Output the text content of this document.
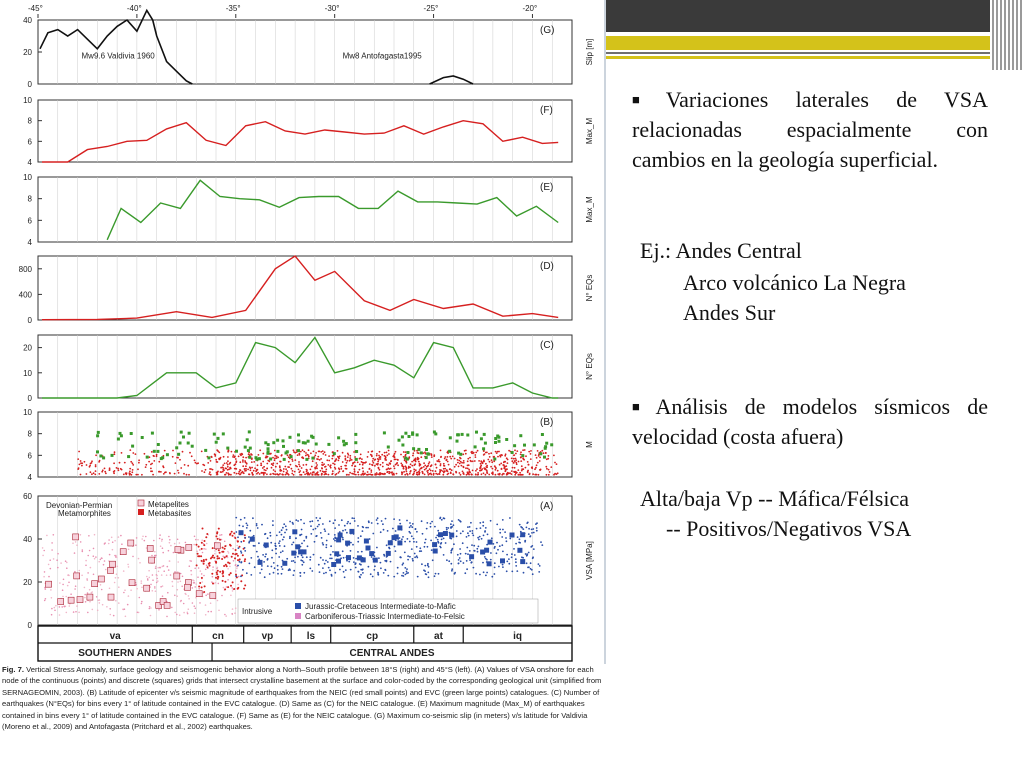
-45°	-40°	-35°	-30°	-25°	-20°
0
20
40
Slip [m]
(G)
Mw9.6 Valdivia 1960	Mw8 Antofagasta1995
4
6
8
10
Max_M
(F)
4
6
8
10
Max_M
(E)
0
400
800
N° EQs
(D)
0
10
20
N° EQs
(C)
4
6
8
10
M
(B)
0
20
40
60
VSA [MPa]
(A)
Devonian-Permian
Metamorphites
Metapelites
Metabasites
Intrusive
Jurassic-Cretaceous Intermediate-to-Mafic
Carboniferous-Triassic Intermediate-to-Felsic
va	cn	vp	ls	cp	at	iq
SOUTHERN ANDES	CENTRAL ANDES
Fig. 7. Vertical Stress Anomaly, surface geology and seismogenic behavior along a North–South profile between 18°S (right) and 45°S (left). (A) Values of VSA onshore for each node of the continuous (points) and discrete (squares) grids that intersect crystalline basement at the surface and color-coded by the corresponding geological unit (simplified from SERNAGEOMIN, 2003). (B) Latitude of epicenter v/s seismic magnitude of earthquakes from the NEIC (red small points) and EVC (green large points) catalogues. (C) Number of earthquakes (N°EQs) for bins every 1° of latitude contained in the EVC catalogue. (D) Same as (C) for the NEIC catalogue. (E) Maximum magnitude (Max_M) of earthquakes contained in bins every 1° of latitude contained in the EVC catalogue. (F) Same as (E) for the NEIC catalogue. (G) Maximum co-seismic slip (in meters) v/s latitude for Valdivia (Moreno et al., 2009) and Antofagasta (Pritchard et al., 2002) earthquakes.
■ Variaciones laterales de VSA relacionadas espacialmente con cambios en la geología superficial.
Ej.: Andes Central
Arco volcánico La Negra
Andes Sur
■ Análisis de modelos sísmicos de velocidad (costa afuera)
Alta/baja Vp -- Máfica/Félsica
-- Positivos/Negativos VSA
